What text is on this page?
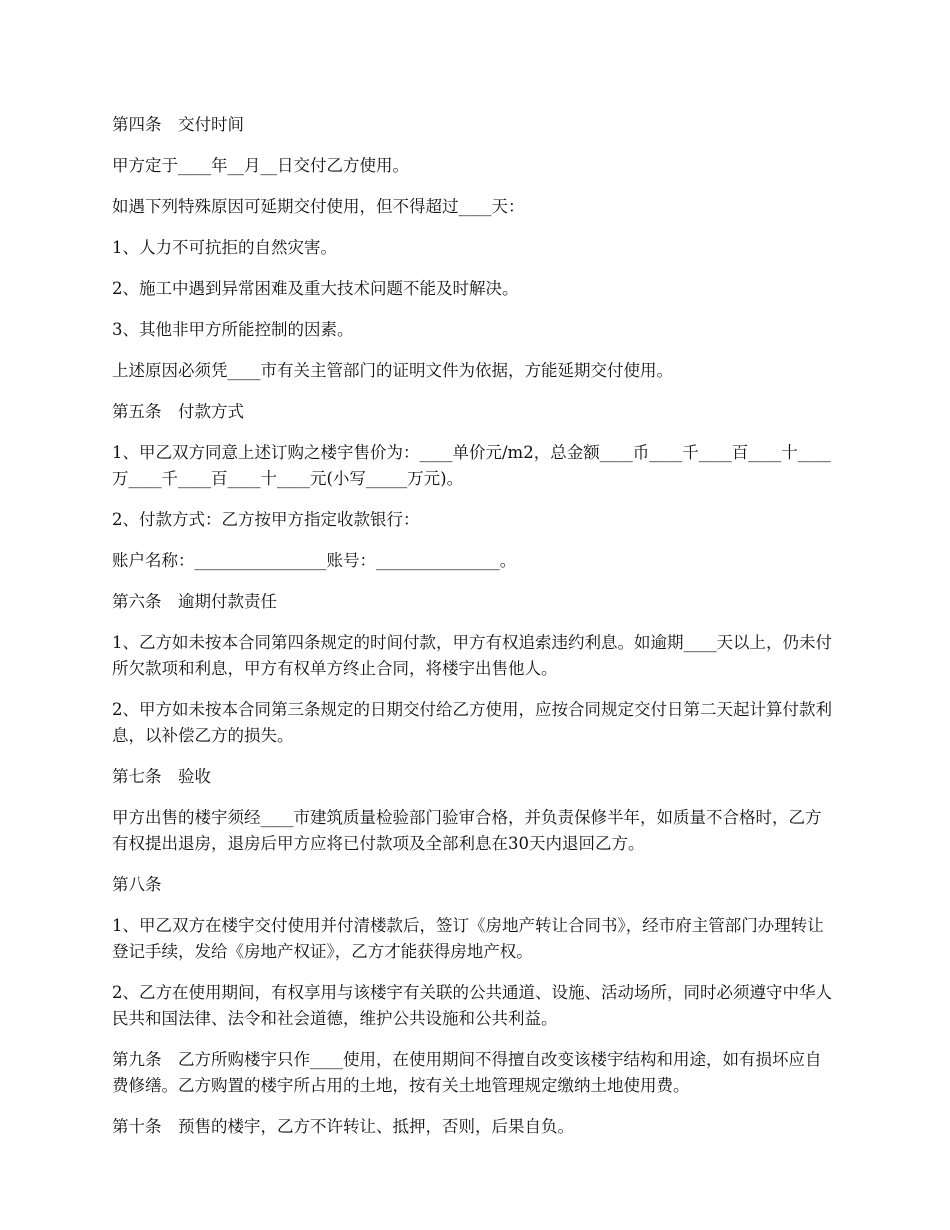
第四条　交付时间

甲方定于____年__月__日交付乙方使用。

如遇下列特殊原因可延期交付使用，但不得超过____天：

1、人力不可抗拒的自然灾害。

2、施工中遇到异常困难及重大技术问题不能及时解决。

3、其他非甲方所能控制的因素。

上述原因必须凭____市有关主管部门的证明文件为依据，方能延期交付使用。

第五条　付款方式

1、甲乙双方同意上述订购之楼宇售价为：____单价元/m2，总金额____币____千____百____十____万____千____百____十____元(小写_____万元)。

2、付款方式：乙方按甲方指定收款银行：

账户名称：________________账号：_______________。

第六条　逾期付款责任

1、乙方如未按本合同第四条规定的时间付款，甲方有权追索违约利息。如逾期____天以上，仍未付所欠款项和利息，甲方有权单方终止合同，将楼宇出售他人。

2、甲方如未按本合同第三条规定的日期交付给乙方使用，应按合同规定交付日第二天起计算付款利息，以补偿乙方的损失。

第七条　验收

甲方出售的楼宇须经____市建筑质量检验部门验审合格，并负责保修半年，如质量不合格时，乙方有权提出退房，退房后甲方应将已付款项及全部利息在30天内退回乙方。

第八条

1、甲乙双方在楼宇交付使用并付清楼款后，签订《房地产转让合同书》，经市府主管部门办理转让登记手续，发给《房地产权证》，乙方才能获得房地产权。

2、乙方在使用期间，有权享用与该楼宇有关联的公共通道、设施、活动场所，同时必须遵守中华人民共和国法律、法令和社会道德，维护公共设施和公共利益。

第九条　乙方所购楼宇只作____使用，在使用期间不得擅自改变该楼宇结构和用途，如有损坏应自费修缮。乙方购置的楼宇所占用的土地，按有关土地管理规定缴纳土地使用费。

第十条　预售的楼宇，乙方不许转让、抵押，否则，后果自负。
